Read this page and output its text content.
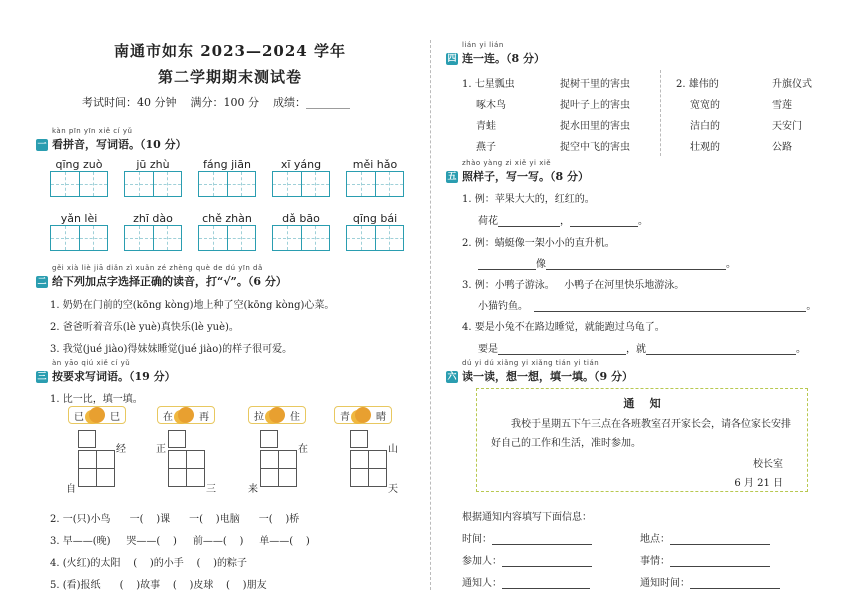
南通市如东 2023—2024 学年
第二学期期末测试卷
考试时间：40 分钟    满分：100 分    成绩：________
kàn pīn yīn xiě cí yǔ
一 看拼音，写词语。（10 分）
qīng zuò	jū zhù	fáng jiān	xī yáng	měi hǎo
yǎn lèi	zhī dào	chě zhàn	dǎ bāo	qīng bái
gěi xià liè jiā diǎn zì xuǎn zé zhèng què de dú yīn dǎ
二 给下列加点字选择正确的读音，打“√”。（6 分）
1. 奶奶在门前的空(kōng kòng)地上种了空(kōng kòng)心菜。
2. 爸爸听着音乐(lè yuè)真快乐(lè yuè)。
3. 我觉(jué jiào)得妹妹睡觉(jué jiào)的样子很可爱。
àn yāo qiú xiě cí yǔ
三 按要求写词语。（19 分）
1. 比一比，填一填。
已	巳	在	再	拉	住	青	晴
经
自
正
三
在
来
山
天
2. 一(只)小鸟      一(    )课      一(    )电脑      一(    )桥
3. 早——(晚)     哭——(    )     前——(    )     单——(    )
4. (火红)的太阳    (    )的小手    (    )的粽子
5. (看)报纸      (    )故事    (    )皮球    (    )朋友
lián yi lián
四 连一连。（8 分）
1. 七星瓢虫
啄木鸟
青蛙
燕子
捉树干里的害虫
捉叶子上的害虫
捉水田里的害虫
捉空中飞的害虫
2. 雄伟的
宽宽的
洁白的
壮观的
升旗仪式
雪莲
天安门
公路
zhào yàng zi xiě yi xiě
五 照样子，写一写。（8 分）
1. 例：苹果大大的，红红的。
荷花	，	。
2. 例：蜻蜓像一架小小的直升机。
像	。
3. 例：小鸭子游泳。   小鸭子在河里快乐地游泳。
小猫钓鱼。	。
4. 要是小兔不在路边睡觉，就能跑过乌龟了。
要是	，就	。
dú yi dú xiǎng yi xiǎng tián yi tián
六 读一读，想一想，填一填。（9 分）
通    知
我校于星期五下午三点在各班教室召开家长会，请各位家长安排好自己的工作和生活，准时参加。
校长室
6 月 21 日
根据通知内容填写下面信息：
时间：	地点：
参加人：	事情：
通知人：	通知时间：
